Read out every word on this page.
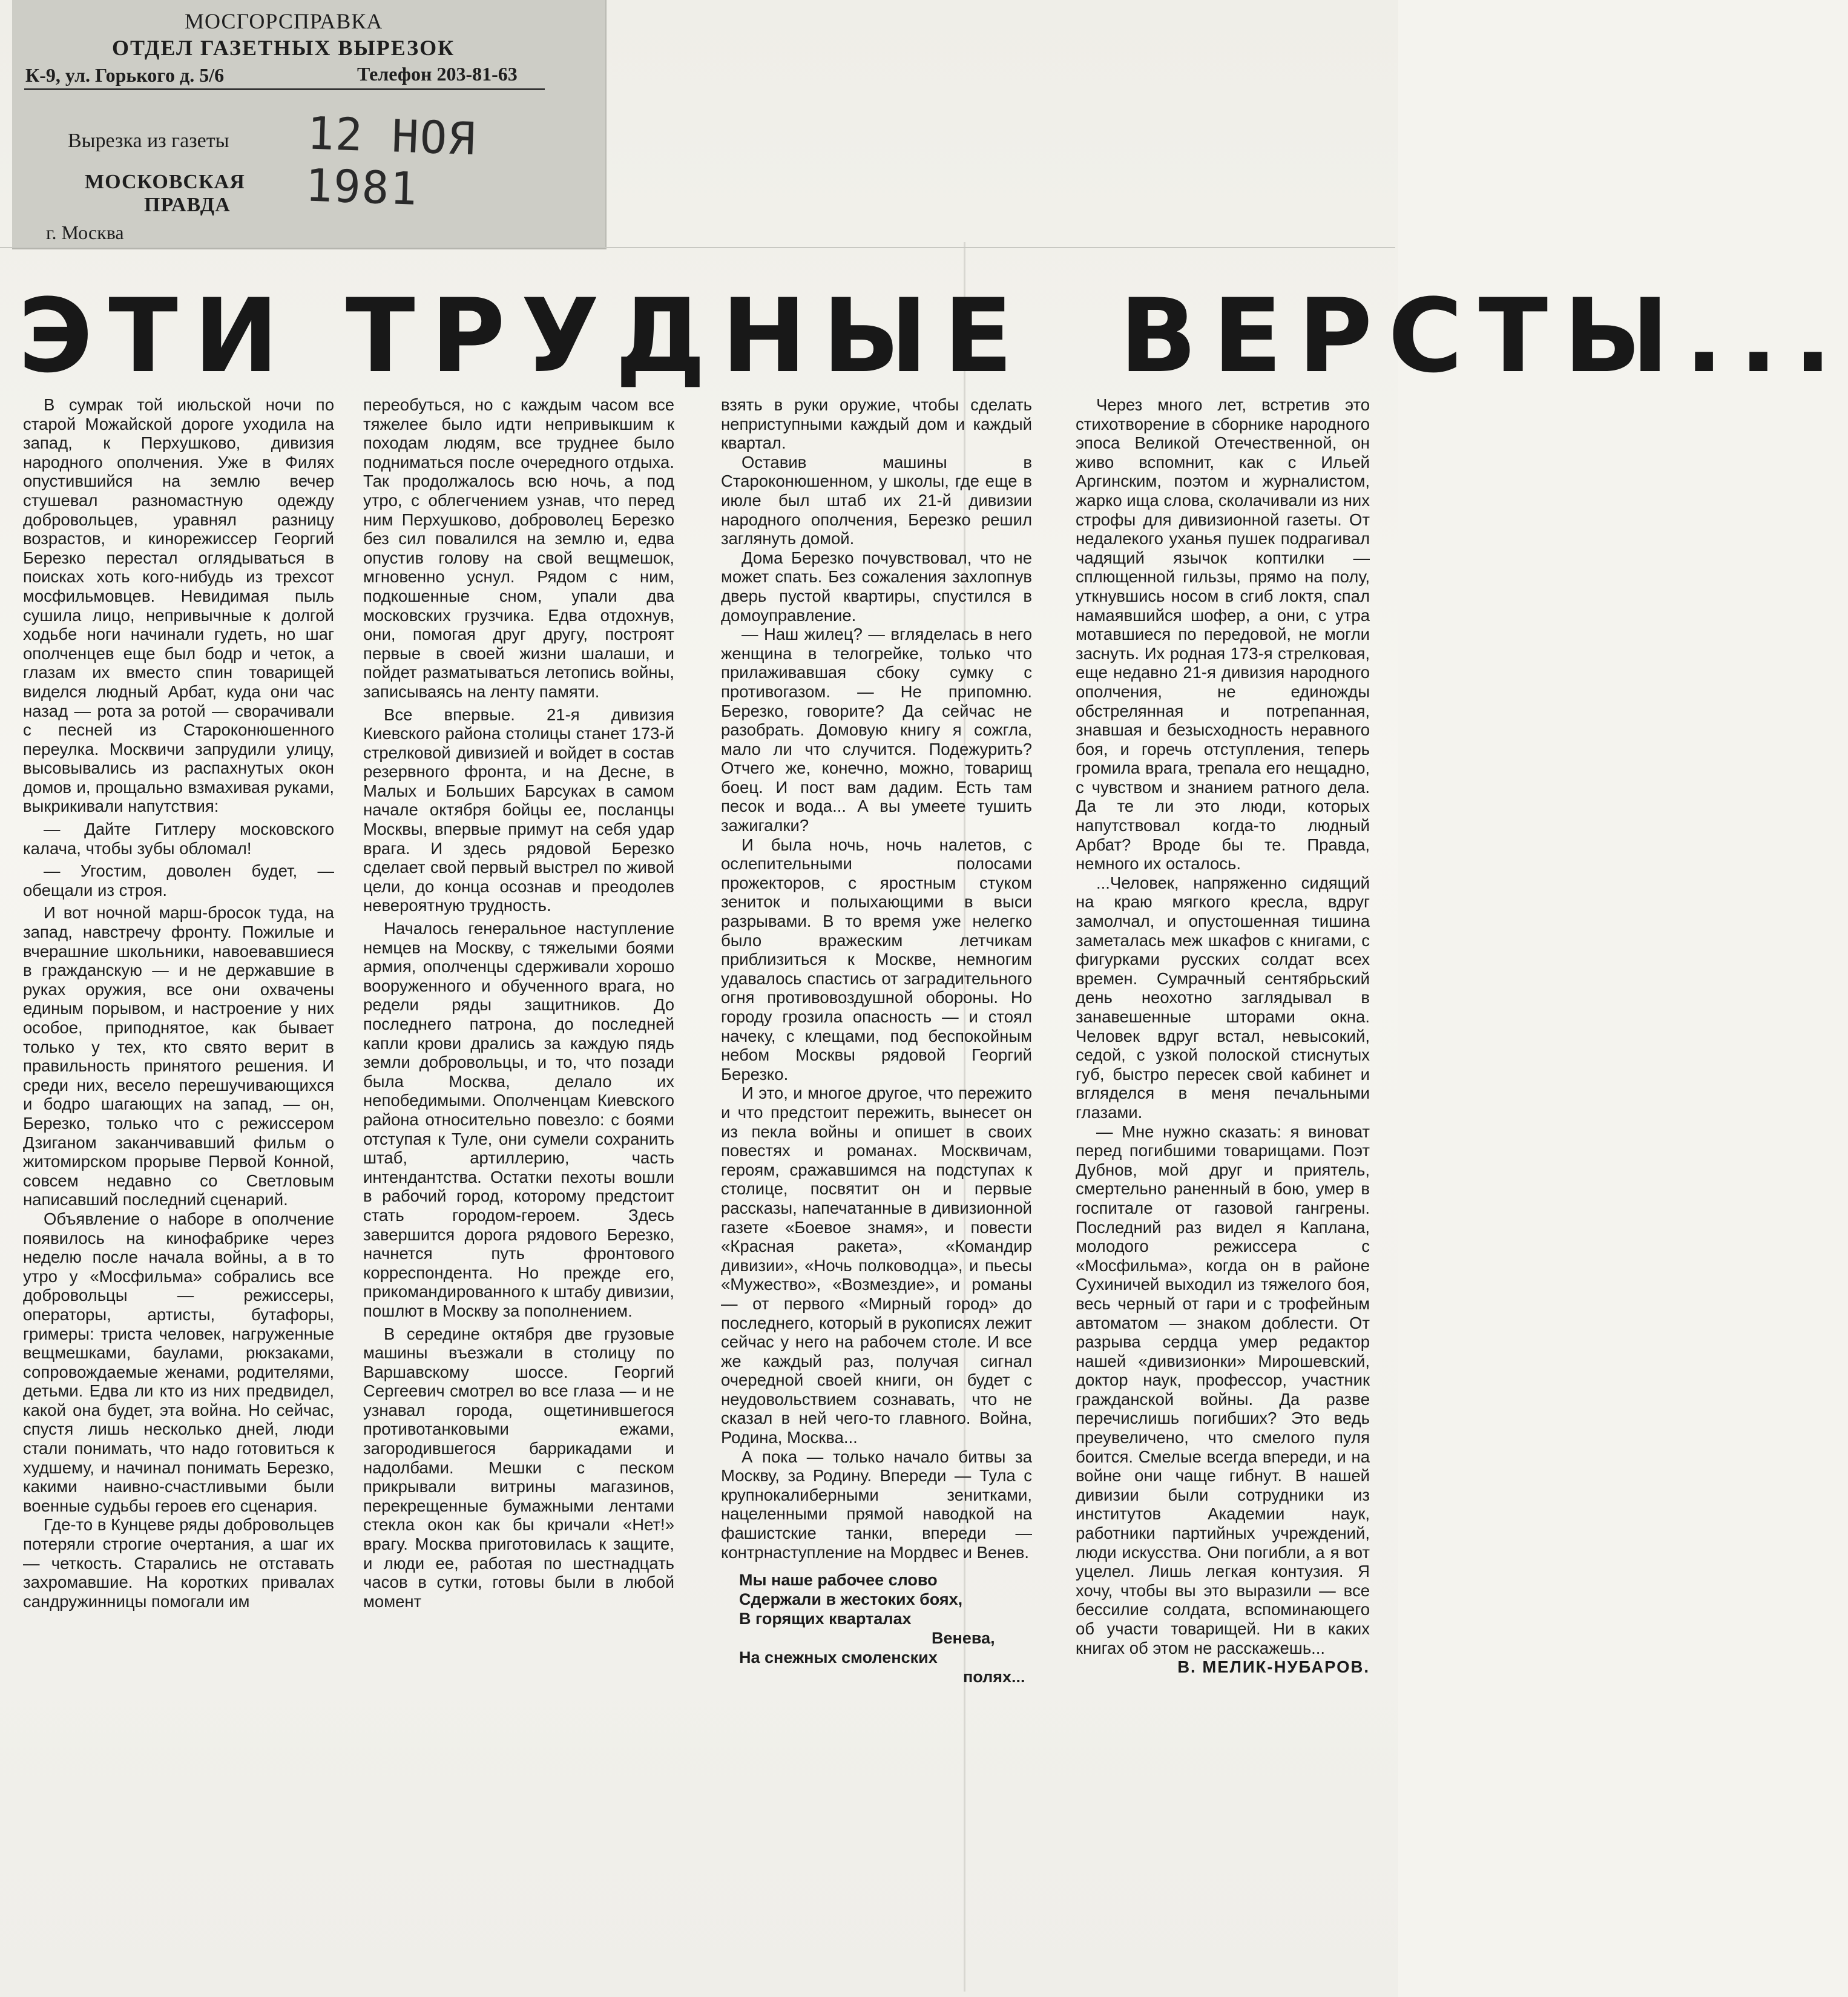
МОСГОРСПРАВКА
ОТДЕЛ ГАЗЕТНЫХ ВЫРЕЗОК
К-9, ул. Горького д. 5/6	Телефон 203-81-63
Вырезка из газеты 12 НОЯ 1981
МОСКОВСКАЯ
ПРАВДА
г. Москва
ЭТИ ТРУДНЫЕ ВЕРСТЫ...

В сумрак той июльской ночи по старой Можайской дороге уходила на запад, к Перхушково, дивизия народного ополчения. Уже в Филях опустившийся на землю вечер стушевал разномастную одежду добровольцев, уравнял разницу возрастов, и кинорежиссер Георгий Березко перестал оглядываться в поисках хоть кого-нибудь из трехсот мосфильмовцев. Невидимая пыль сушила лицо, непривычные к долгой ходьбе ноги начинали гудеть, но шаг ополченцев еще был бодр и четок, а глазам их вместо спин товарищей виделся людный Арбат, куда они час назад — рота за ротой — сворачивали с песней из Староконюшенного переулка. Москвичи запрудили улицу, высовывались из распахнутых окон домов и, прощально взмахивая руками, выкрикивали напутствия:

— Дайте Гитлеру московского калача, чтобы зубы обломал!

— Угостим, доволен будет, — обещали из строя.

И вот ночной марш-бросок туда, на запад, навстречу фронту. Пожилые и вчерашние школьники, навоевавшиеся в гражданскую — и не державшие в руках оружия, все они охвачены единым порывом, и настроение у них особое, приподнятое, как бывает только у тех, кто свято верит в правильность принятого решения. И среди них, весело перешучивающихся и бодро шагающих на запад, — он, Березко, только что с режиссером Дзиганом заканчивавший фильм о житомирском прорыве Первой Конной, совсем недавно со Светловым написавший последний сценарий.

Объявление о наборе в ополчение появилось на кинофабрике через неделю после начала войны, а в то утро у «Мосфильма» собрались все добровольцы — режиссеры, операторы, артисты, бутафоры, гримеры: триста человек, нагруженные вещмешками, баулами, рюкзаками, сопровождаемые женами, родителями, детьми. Едва ли кто из них предвидел, какой она будет, эта война. Но сейчас, спустя лишь несколько дней, люди стали понимать, что надо готовиться к худшему, и начинал понимать Березко, какими наивно-счастливыми были военные судьбы героев его сценария.

Где-то в Кунцеве ряды добровольцев потеряли строгие очертания, а шаг их — четкость. Старались не отставать захромавшие. На коротких привалах сандружинницы помогали им

переобуться, но с каждым часом все тяжелее было идти непривыкшим к походам людям, все труднее было подниматься после очередного отдыха. Так продолжалось всю ночь, а под утро, с облегчением узнав, что перед ним Перхушково, доброволец Березко без сил повалился на землю и, едва опустив голову на свой вещмешок, мгновенно уснул. Рядом с ним, подкошенные сном, упали два московских грузчика. Едва отдохнув, они, помогая друг другу, построят первые в своей жизни шалаши, и пойдет разматываться летопись войны, записываясь на ленту памяти.

Все впервые. 21-я дивизия Киевского района столицы станет 173-й стрелковой дивизией и войдет в состав резервного фронта, и на Десне, в Малых и Больших Барсуках в самом начале октября бойцы ее, посланцы Москвы, впервые примут на себя удар врага. И здесь рядовой Березко сделает свой первый выстрел по живой цели, до конца осознав и преодолев невероятную трудность.

Началось генеральное наступление немцев на Москву, с тяжелыми боями армия, ополченцы сдерживали хорошо вооруженного и обученного врага, но редели ряды защитников. До последнего патрона, до последней капли крови дрались за каждую пядь земли добровольцы, и то, что позади была Москва, делало их непобедимыми. Ополченцам Киевского района относительно повезло: с боями отступая к Туле, они сумели сохранить штаб, артиллерию, часть интендантства. Остатки пехоты вошли в рабочий город, которому предстоит стать городом-героем. Здесь завершится дорога рядового Березко, начнется путь фронтового корреспондента. Но прежде его, прикомандированного к штабу дивизии, пошлют в Москву за пополнением.

В середине октября две грузовые машины въезжали в столицу по Варшавскому шоссе. Георгий Сергеевич смотрел во все глаза — и не узнавал города, ощетинившегося противотанковыми ежами, загородившегося баррикадами и надолбами. Мешки с песком прикрывали витрины магазинов, перекрещенные бумажными лентами стекла окон как бы кричали «Нет!» врагу. Москва приготовилась к защите, и люди ее, работая по шестнадцать часов в сутки, готовы были в любой момент

взять в руки оружие, чтобы сделать неприступными каждый дом и каждый квартал.

Оставив машины в Староконюшенном, у школы, где еще в июле был штаб их 21-й дивизии народного ополчения, Березко решил заглянуть домой.

Дома Березко почувствовал, что не может спать. Без сожаления захлопнув дверь пустой квартиры, спустился в домоуправление.

— Наш жилец? — вгляделась в него женщина в телогрейке, только что прилаживавшая сбоку сумку с противогазом. — Не припомню. Березко, говорите? Да сейчас не разобрать. Домовую книгу я сожгла, мало ли что случится. Подежурить? Отчего же, конечно, можно, товарищ боец. И пост вам дадим. Есть там песок и вода... А вы умеете тушить зажигалки?

И была ночь, ночь налетов, с ослепительными полосами прожекторов, с яростным стуком зениток и полыхающими в выси разрывами. В то время уже нелегко было вражеским летчикам приблизиться к Москве, немногим удавалось спастись от заградительного огня противовоздушной обороны. Но городу грозила опасность — и стоял начеку, с клещами, под беспокойным небом Москвы рядовой Георгий Березко.

И это, и многое другое, что пережито и что предстоит пережить, вынесет он из пекла войны и опишет в своих повестях и романах. Москвичам, героям, сражавшимся на подступах к столице, посвятит он и первые рассказы, напечатанные в дивизионной газете «Боевое знамя», и повести «Красная ракета», «Командир дивизии», «Ночь полководца», и пьесы «Мужество», «Возмездие», и романы — от первого «Мирный город» до последнего, который в рукописях лежит сейчас у него на рабочем столе. И все же каждый раз, получая сигнал очередной своей книги, он будет с неудовольствием сознавать, что не сказал в ней чего-то главного. Война, Родина, Москва...

А пока — только начало битвы за Москву, за Родину. Впереди — Тула с крупнокалиберными зенитками, нацеленными прямой наводкой на фашистские танки, впереди — контрнаступление на Мордвес и Венев.

Мы наше рабочее слово
Сдержали в жестоких боях,
В горящих кварталах
Венева,
На снежных смоленских
полях...

Через много лет, встретив это стихотворение в сборнике народного эпоса Великой Отечественной, он живо вспомнит, как с Ильей Аргинским, поэтом и журналистом, жарко ища слова, сколачивали из них строфы для дивизионной газеты. От недалекого уханья пушек подрагивал чадящий язычок коптилки — сплющенной гильзы, прямо на полу, уткнувшись носом в сгиб локтя, спал намаявшийся шофер, а они, с утра мотавшиеся по передовой, не могли заснуть. Их родная 173-я стрелковая, еще недавно 21-я дивизия народного ополчения, не единожды обстрелянная и потрепанная, знавшая и безысходность неравного боя, и горечь отступления, теперь громила врага, трепала его нещадно, с чувством и знанием ратного дела. Да те ли это люди, которых напутствовал когда-то людный Арбат? Вроде бы те. Правда, немного их осталось.

...Человек, напряженно сидящий на краю мягкого кресла, вдруг замолчал, и опустошенная тишина заметалась меж шкафов с книгами, с фигурками русских солдат всех времен. Сумрачный сентябрьский день неохотно заглядывал в занавешенные шторами окна. Человек вдруг встал, невысокий, седой, с узкой полоской стиснутых губ, быстро пересек свой кабинет и вгляделся в меня печальными глазами.

— Мне нужно сказать: я виноват перед погибшими товарищами. Поэт Дубнов, мой друг и приятель, смертельно раненный в бою, умер в госпитале от газовой гангрены. Последний раз видел я Каплана, молодого режиссера с «Мосфильма», когда он в районе Сухиничей выходил из тяжелого боя, весь черный от гари и с трофейным автоматом — знаком доблести. От разрыва сердца умер редактор нашей «дивизионки» Мирошевский, доктор наук, профессор, участник гражданской войны. Да разве перечислишь погибших? Это ведь преувеличено, что смелого пуля боится. Смелые всегда впереди, и на войне они чаще гибнут. В нашей дивизии были сотрудники из институтов Академии наук, работники партийных учреждений, люди искусства. Они погибли, а я вот уцелел. Лишь легкая контузия. Я хочу, чтобы вы это выразили — все бессилие солдата, вспоминающего об участи товарищей. Ни в каких книгах об этом не расскажешь...

В. МЕЛИК-НУБАРОВ.
